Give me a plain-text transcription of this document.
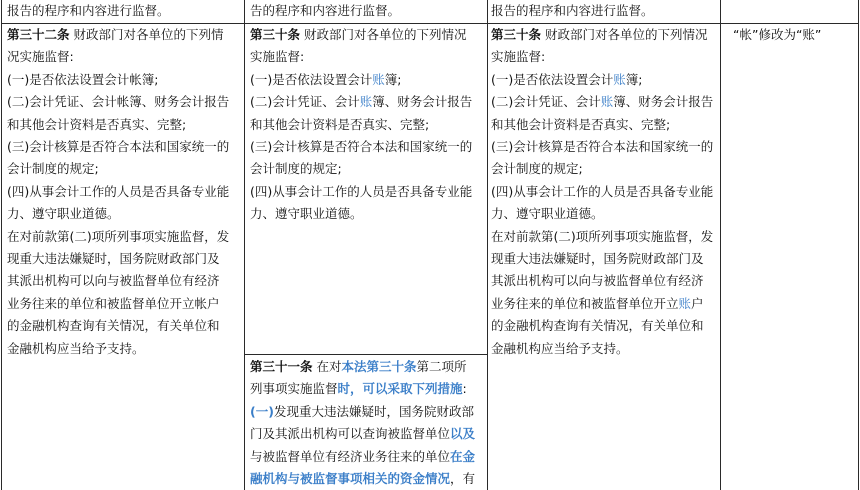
报告的程序和内容进行监督。	告的程序和内容进行监督。	报告的程序和内容进行监督。

第三十二条 财政部门对各单位的下列情

况实施监督:

(一)是否依法设置会计帐簿;

(二)会计凭证、会计帐簿、财务会计报告

和其他会计资料是否真实、完整;

(三)会计核算是否符合本法和国家统一的

会计制度的规定;

(四)从事会计工作的人员是否具备专业能

力、遵守职业道德。

在对前款第(二)项所列事项实施监督，发

现重大违法嫌疑时，国务院财政部门及

其派出机构可以向与被监督单位有经济

业务往来的单位和被监督单位开立帐户

的金融机构查询有关情况，有关单位和

金融机构应当给予支持。

第三十条 财政部门对各单位的下列情况

实施监督:

(一)是否依法设置会计账簿;

(二)会计凭证、会计账簿、财务会计报告

和其他会计资料是否真实、完整;

(三)会计核算是否符合本法和国家统一的

会计制度的规定;

(四)从事会计工作的人员是否具备专业能

力、遵守职业道德。

第三十一条 在对本法第三十条第二项所

列事项实施监督时，可以采取下列措施:

(一)发现重大违法嫌疑时，国务院财政部

门及其派出机构可以查询被监督单位以及

与被监督单位有经济业务往来的单位在金

融机构与被监督事项相关的资金情况，有

第三十条 财政部门对各单位的下列情况

实施监督:

(一)是否依法设置会计账簿;

(二)会计凭证、会计账簿、财务会计报告

和其他会计资料是否真实、完整;

(三)会计核算是否符合本法和国家统一的

会计制度的规定;

(四)从事会计工作的人员是否具备专业能

力、遵守职业道德。

在对前款第(二)项所列事项实施监督，发

现重大违法嫌疑时，国务院财政部门及

其派出机构可以向与被监督单位有经济

业务往来的单位和被监督单位开立账户

的金融机构查询有关情况，有关单位和

金融机构应当给予支持。

“帐”修改为“账”
